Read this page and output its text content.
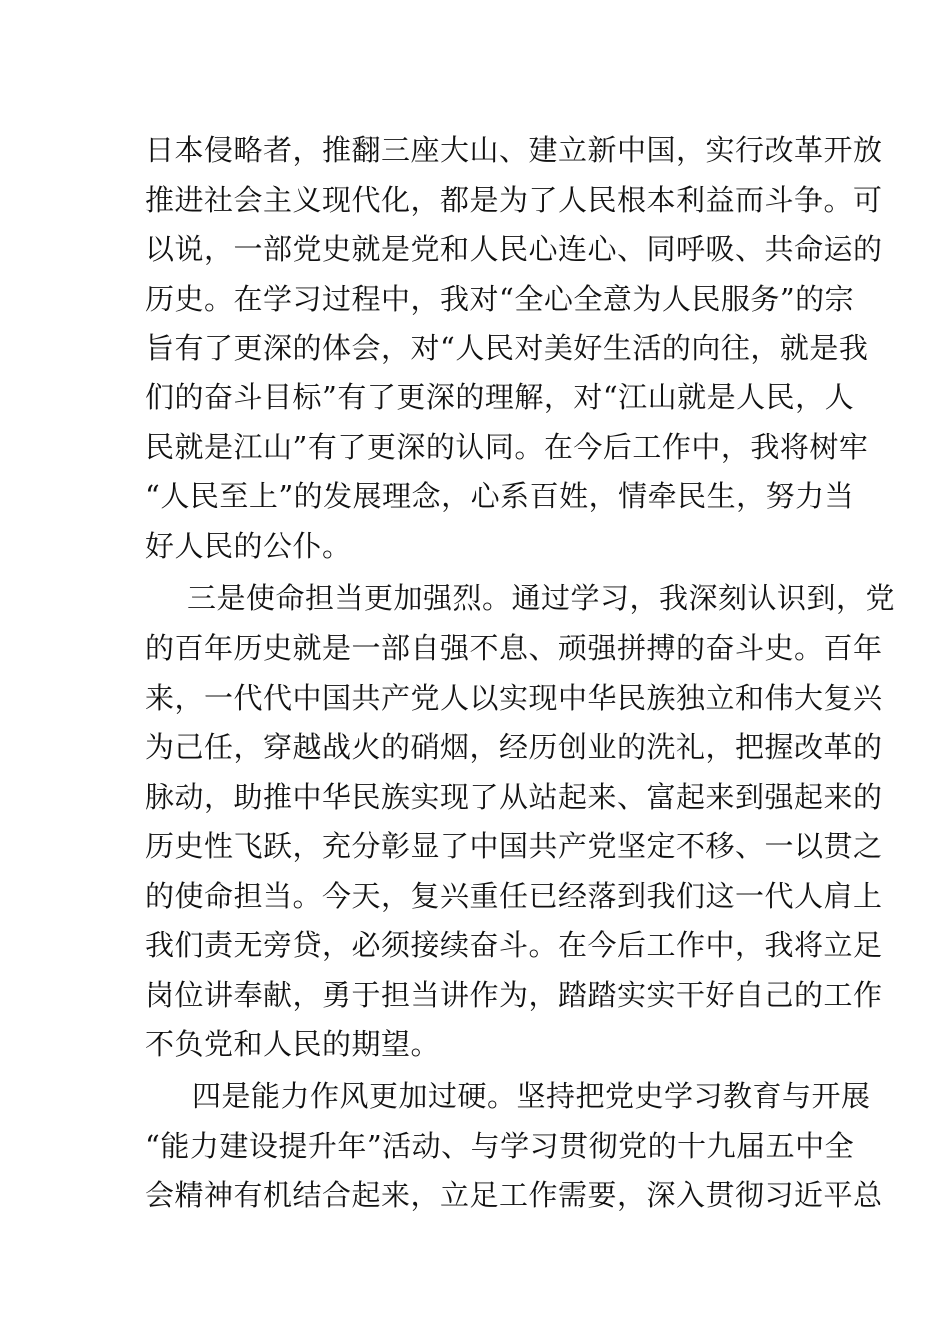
日本侵略者，推翻三座大山、建立新中国，实行改革开放
推进社会主义现代化，都是为了人民根本利益而斗争。可
以说，一部党史就是党和人民心连心、同呼吸、共命运的
历史。在学习过程中，我对“全心全意为人民服务”的宗
旨有了更深的体会，对“人民对美好生活的向往，就是我
们的奋斗目标”有了更深的理解，对“江山就是人民，人
民就是江山”有了更深的认同。在今后工作中，我将树牢
“人民至上”的发展理念，心系百姓，情牵民生，努力当
好人民的公仆。
三是使命担当更加强烈。通过学习，我深刻认识到，党
的百年历史就是一部自强不息、顽强拼搏的奋斗史。百年
来，一代代中国共产党人以实现中华民族独立和伟大复兴
为己任，穿越战火的硝烟，经历创业的洗礼，把握改革的
脉动，助推中华民族实现了从站起来、富起来到强起来的
历史性飞跃，充分彰显了中国共产党坚定不移、一以贯之
的使命担当。今天，复兴重任已经落到我们这一代人肩上
我们责无旁贷，必须接续奋斗。在今后工作中，我将立足
岗位讲奉献，勇于担当讲作为，踏踏实实干好自己的工作
不负党和人民的期望。
四是能力作风更加过硬。坚持把党史学习教育与开展
“能力建设提升年”活动、与学习贯彻党的十九届五中全
会精神有机结合起来，立足工作需要，深入贯彻习近平总
